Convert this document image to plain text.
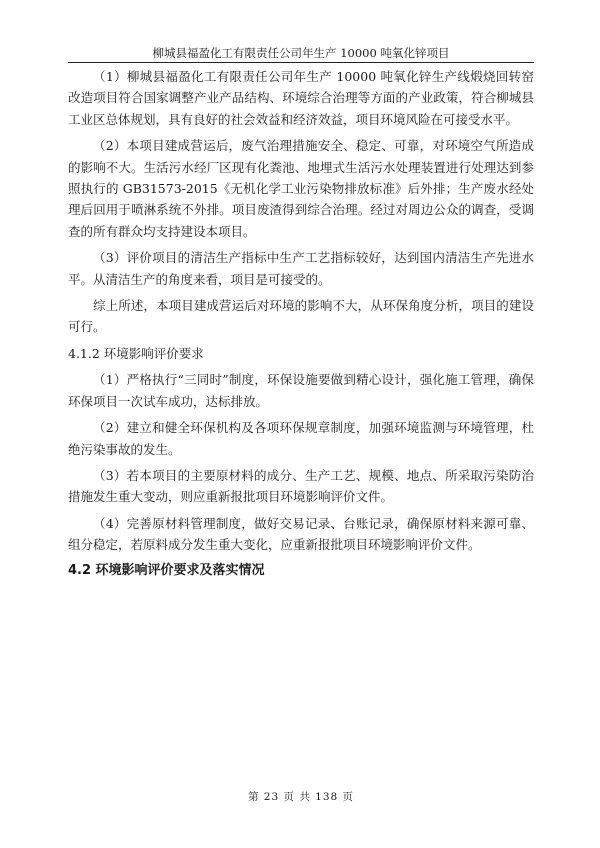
柳城县福盈化工有限责任公司年生产 10000 吨氧化锌项目

（1）柳城县福盈化工有限责任公司年生产 10000 吨氧化锌生产线煅烧回转窑改造项目符合国家调整产业产品结构、环境综合治理等方面的产业政策，符合柳城县工业区总体规划，具有良好的社会效益和经济效益，项目环境风险在可接受水平。

（2）本项目建成营运后，废气治理措施安全、稳定、可靠，对环境空气所造成的影响不大。生活污水经厂区现有化粪池、地埋式生活污水处理装置进行处理达到参照执行的 GB31573-2015《无机化学工业污染物排放标准》后外排；生产废水经处理后回用于喷淋系统不外排。项目废渣得到综合治理。经过对周边公众的调查，受调查的所有群众均支持建设本项目。

（3）评价项目的清洁生产指标中生产工艺指标较好，达到国内清洁生产先进水平。从清洁生产的角度来看，项目是可接受的。

综上所述，本项目建成营运后对环境的影响不大，从环保角度分析，项目的建设可行。

4.1.2 环境影响评价要求

（1）严格执行“三同时”制度，环保设施要做到精心设计，强化施工管理，确保环保项目一次试车成功，达标排放。

（2）建立和健全环保机构及各项环保规章制度，加强环境监测与环境管理，杜绝污染事故的发生。

（3）若本项目的主要原材料的成分、生产工艺、规模、地点、所采取污染防治措施发生重大变动，则应重新报批项目环境影响评价文件。

（4）完善原材料管理制度，做好交易记录、台账记录，确保原材料来源可靠、组分稳定，若原料成分发生重大变化，应重新报批项目环境影响评价文件。

4.2 环境影响评价要求及落实情况

第 23 页 共 138 页
